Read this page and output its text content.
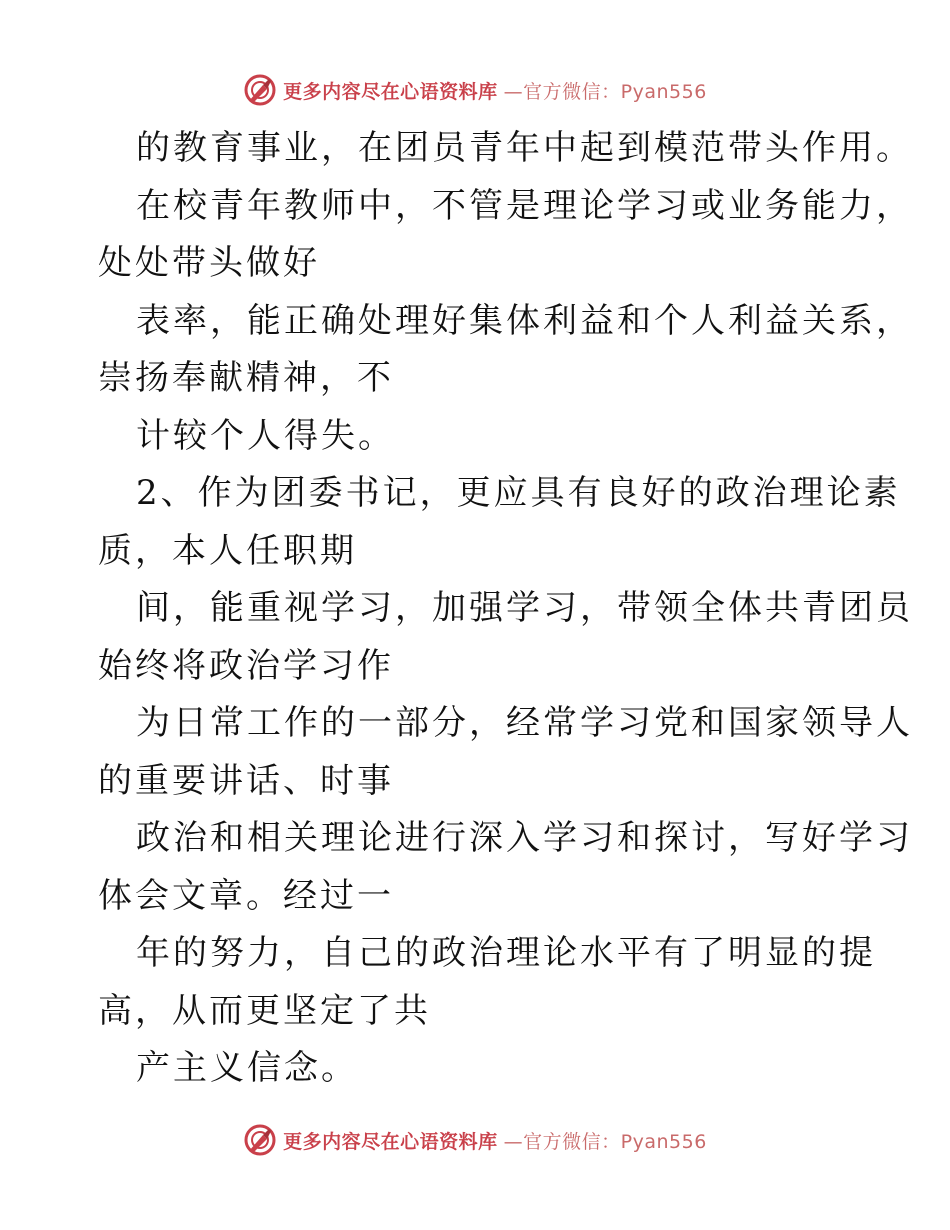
更多内容尽在心语资料库 —官方微信：Pyan556
的教育事业，在团员青年中起到模范带头作用。
在校青年教师中，不管是理论学习或业务能力，
处处带头做好
表率，能正确处理好集体利益和个人利益关系，
崇扬奉献精神，不
计较个人得失。
2、作为团委书记，更应具有良好的政治理论素
质，本人任职期
间，能重视学习，加强学习，带领全体共青团员
始终将政治学习作
为日常工作的一部分，经常学习党和国家领导人
的重要讲话、时事
政治和相关理论进行深入学习和探讨，写好学习
体会文章。经过一
年的努力，自己的政治理论水平有了明显的提
高，从而更坚定了共
产主义信念。
更多内容尽在心语资料库 —官方微信：Pyan556
